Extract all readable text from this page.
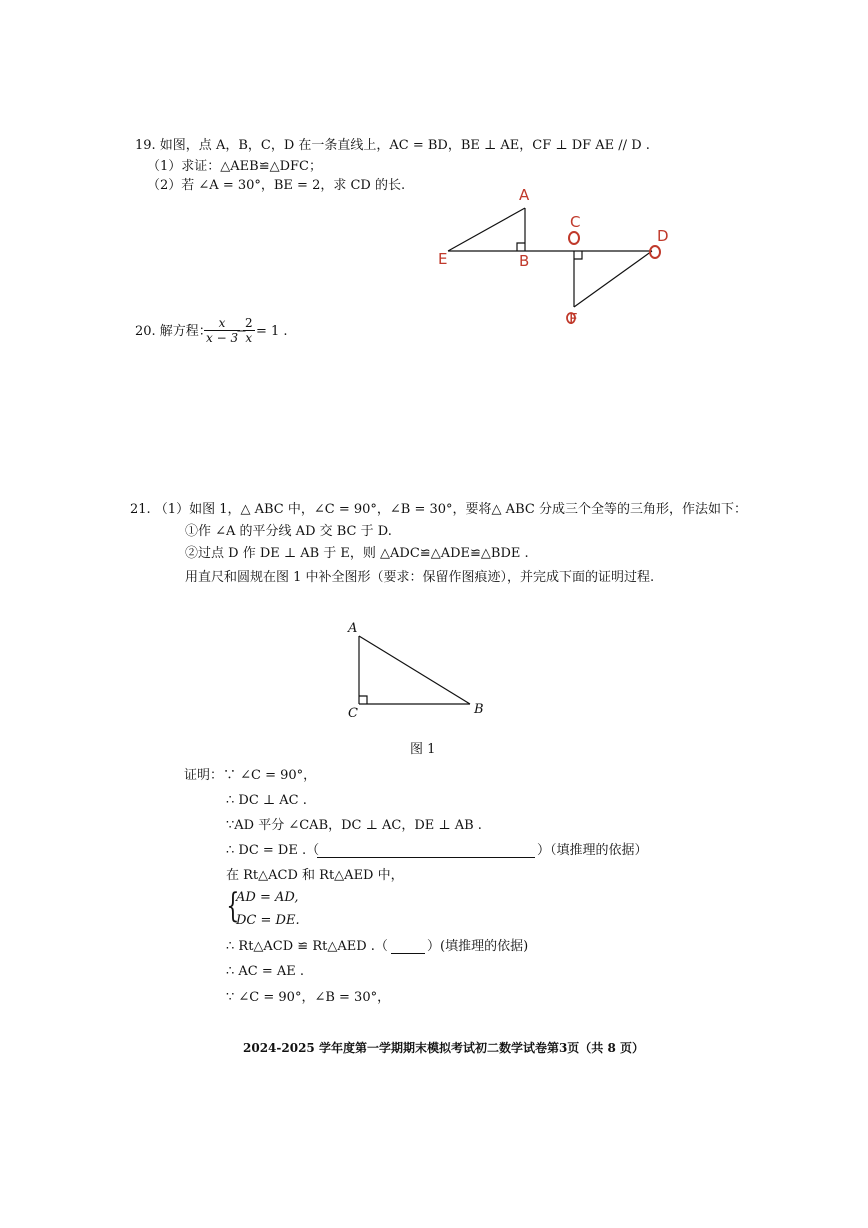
19. 如图，点 A，B，C，D 在一条直线上，AC = BD，BE ⊥ AE，CF ⊥ DF AE // D .
（1）求证：△AEB≌△DFC；
（2）若 ∠A = 30°，BE = 2，求 CD 的长.
A
E	B
C
D
F
A
B
C
20. 解方程：
$\frac{x}{x - 3}$
−
$\frac{2}{x} = 1$ .
21. （1）如图 1，△ ABC 中，∠C = 90°，∠B = 30°，要将△ ABC 分成三个全等的三角形，作法如下：
①作 ∠A 的平分线 AD 交 BC 于 D.
②过点 D 作 DE ⊥ AB 于 E，则 △ADC≌△ADE≌△BDE .
用直尺和圆规在图 1 中补全图形（要求：保留作图痕迹），并完成下面的证明过程.
图 1
证明：∵ ∠C = 90°，
∴ DC ⊥ AC .
∵AD 平分 ∠CAB，DC ⊥ AC，DE ⊥ AB .
∴ DC = DE .（	）（填推理的依据）
在 Rt△ACD 和 Rt△AED 中，
{
AD = AD,
DC = DE.
∴ Rt△ACD ≌ Rt△AED .（	）(填推理的依据)
∴ AC = AE .
∵ ∠C = 90°，∠B = 30°，
2024-2025 学年度第一学期期末模拟考试初二数学试卷第3页（共 8 页）
